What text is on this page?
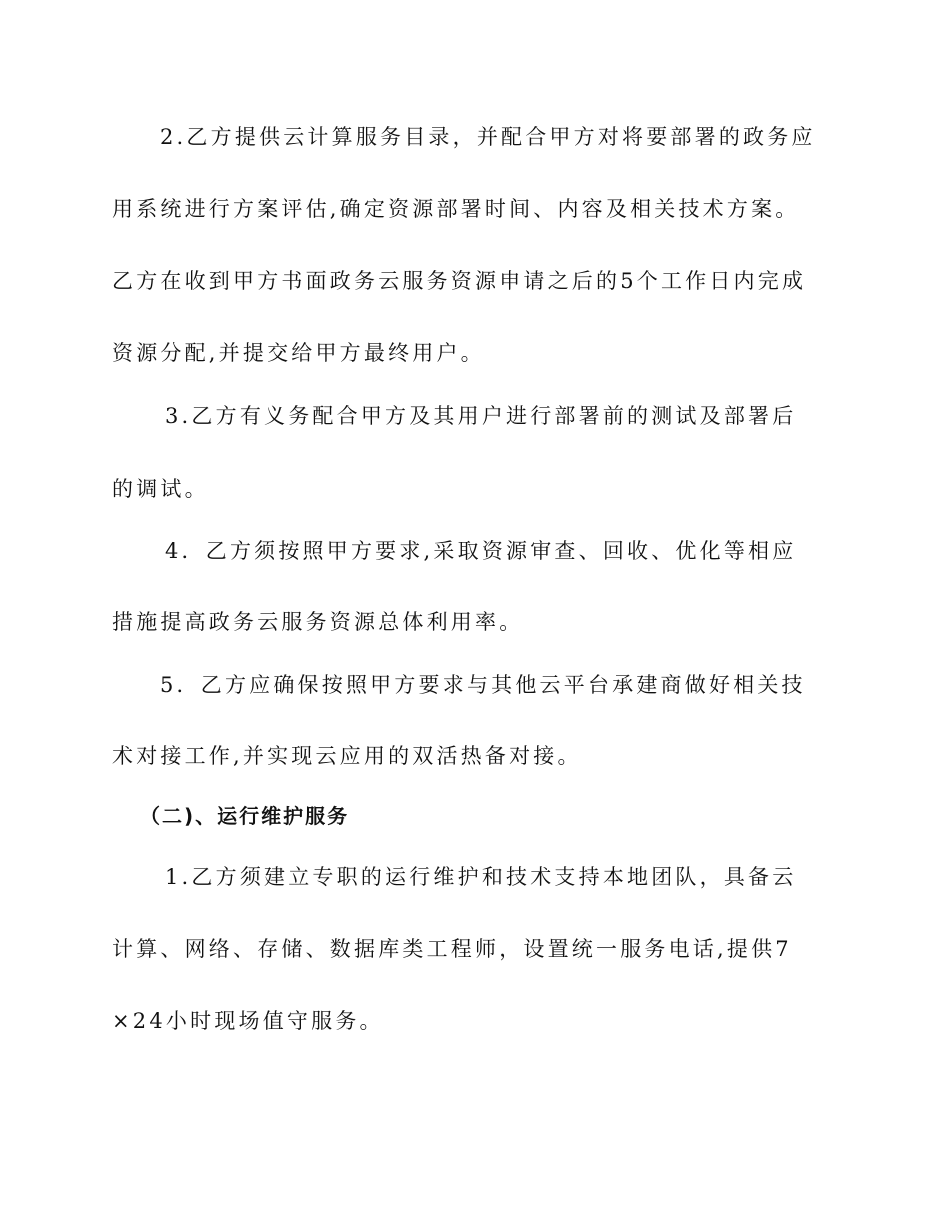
2.乙方提供云计算服务目录，并配合甲方对将要部署的政务应
用系统进行方案评估,确定资源部署时间、内容及相关技术方案。
乙方在收到甲方书面政务云服务资源申请之后的5个工作日内完成
资源分配,并提交给甲方最终用户。
3.乙方有义务配合甲方及其用户进行部署前的测试及部署后
的调试。
4．乙方须按照甲方要求,采取资源审查、回收、优化等相应
措施提高政务云服务资源总体利用率。
5．乙方应确保按照甲方要求与其他云平台承建商做好相关技
术对接工作,并实现云应用的双活热备对接。
（二)、运行维护服务
1.乙方须建立专职的运行维护和技术支持本地团队，具备云
计算、网络、存储、数据库类工程师，设置统一服务电话,提供7
×24小时现场值守服务。
